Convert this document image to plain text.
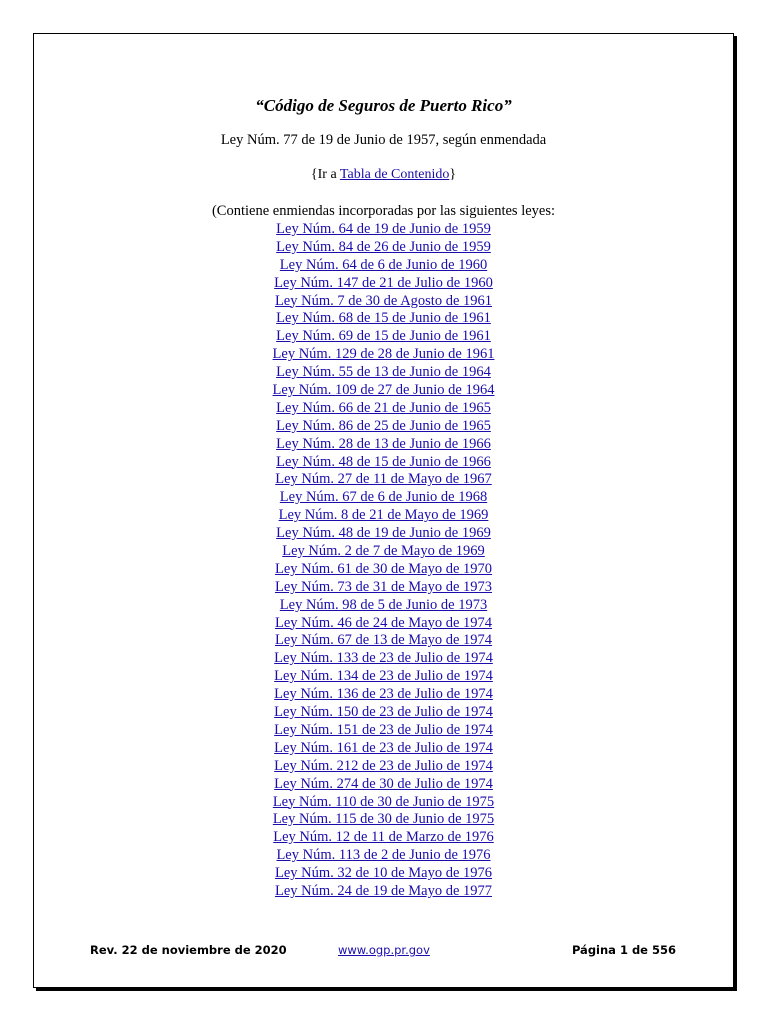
“Código de Seguros de Puerto Rico”
Ley Núm. 77 de 19 de Junio de 1957, según enmendada
{Ir a Tabla de Contenido}
(Contiene enmiendas incorporadas por las siguientes leyes:
Ley Núm. 64 de 19 de Junio de 1959
Ley Núm. 84 de 26 de Junio de 1959
Ley Núm. 64 de 6 de Junio de 1960
Ley Núm. 147 de 21 de Julio de 1960
Ley Núm. 7 de 30 de Agosto de 1961
Ley Núm. 68 de 15 de Junio de 1961
Ley Núm. 69 de 15 de Junio de 1961
Ley Núm. 129 de 28 de Junio de 1961
Ley Núm. 55 de 13 de Junio de 1964
Ley Núm. 109 de 27 de Junio de 1964
Ley Núm. 66 de 21 de Junio de 1965
Ley Núm. 86 de 25 de Junio de 1965
Ley Núm. 28 de 13 de Junio de 1966
Ley Núm. 48 de 15 de Junio de 1966
Ley Núm. 27 de 11 de Mayo de 1967
Ley Núm. 67 de 6 de Junio de 1968
Ley Núm. 8 de 21 de Mayo de 1969
Ley Núm. 48 de 19 de Junio de 1969
Ley Núm. 2 de 7 de Mayo de 1969
Ley Núm. 61 de 30 de Mayo de 1970
Ley Núm. 73 de 31 de Mayo de 1973
Ley Núm. 98 de 5 de Junio de 1973
Ley Núm. 46 de 24 de Mayo de 1974
Ley Núm. 67 de 13 de Mayo de 1974
Ley Núm. 133 de 23 de Julio de 1974
Ley Núm. 134 de 23 de Julio de 1974
Ley Núm. 136 de 23 de Julio de 1974
Ley Núm. 150 de 23 de Julio de 1974
Ley Núm. 151 de 23 de Julio de 1974
Ley Núm. 161 de 23 de Julio de 1974
Ley Núm. 212 de 23 de Julio de 1974
Ley Núm. 274 de 30 de Julio de 1974
Ley Núm. 110 de 30 de Junio de 1975
Ley Núm. 115 de 30 de Junio de 1975
Ley Núm. 12 de 11 de Marzo de 1976
Ley Núm. 113 de 2 de Junio de 1976
Ley Núm. 32 de 10 de Mayo de 1976
Ley Núm. 24 de 19 de Mayo de 1977
Rev. 22 de noviembre de 2020	www.ogp.pr.gov	Página 1 de 556
